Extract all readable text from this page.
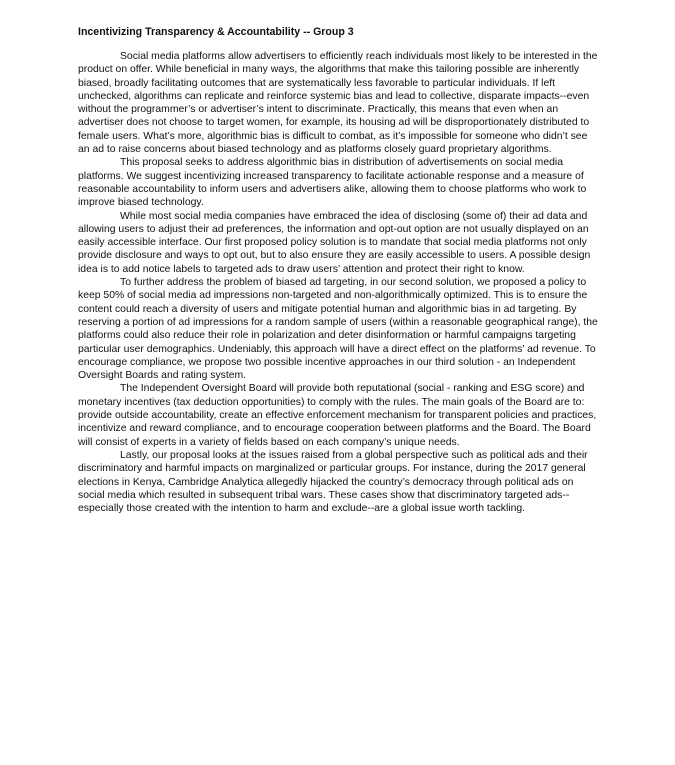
Incentivizing Transparency & Accountability -- Group 3

Social media platforms allow advertisers to efficiently reach individuals most likely to be interested in the product on offer. While beneficial in many ways, the algorithms that make this tailoring possible are inherently biased, broadly facilitating outcomes that are systematically less favorable to particular individuals. If left unchecked, algorithms can replicate and reinforce systemic bias and lead to collective, disparate impacts--even without the programmer’s or advertiser’s intent to discriminate. Practically, this means that even when an advertiser does not choose to target women, for example, its housing ad will be disproportionately distributed to female users. What’s more, algorithmic bias is difficult to combat, as it’s impossible for someone who didn’t see an ad to raise concerns about biased technology and as platforms closely guard proprietary algorithms.

This proposal seeks to address algorithmic bias in distribution of advertisements on social media platforms. We suggest incentivizing increased transparency to facilitate actionable response and a measure of reasonable accountability to inform users and advertisers alike, allowing them to choose platforms who work to improve biased technology.

While most social media companies have embraced the idea of disclosing (some of) their ad data and allowing users to adjust their ad preferences, the information and opt-out option are not usually displayed on an easily accessible interface. Our first proposed policy solution is to mandate that social media platforms not only provide disclosure and ways to opt out, but to also ensure they are easily accessible to users. A possible design idea is to add notice labels to targeted ads to draw users’ attention and protect their right to know.

To further address the problem of biased ad targeting, in our second solution, we proposed a policy to keep 50% of social media ad impressions non-targeted and non-algorithmically optimized. This is to ensure the content could reach a diversity of users and mitigate potential human and algorithmic bias in ad targeting. By reserving a portion of ad impressions for a random sample of users (within a reasonable geographical range), the platforms could also reduce their role in polarization and deter disinformation or harmful campaigns targeting particular user demographics. Undeniably, this approach will have a direct effect on the platforms’ ad revenue. To encourage compliance, we propose two possible incentive approaches in our third solution - an Independent Oversight Boards and rating system.

The Independent Oversight Board will provide both reputational (social - ranking and ESG score) and monetary incentives (tax deduction opportunities) to comply with the rules. The main goals of the Board are to: provide outside accountability, create an effective enforcement mechanism for transparent policies and practices, incentivize and reward compliance, and to encourage cooperation between platforms and the Board. The Board will consist of experts in a variety of fields based on each company’s unique needs.

Lastly, our proposal looks at the issues raised from a global perspective such as political ads and their discriminatory and harmful impacts on marginalized or particular groups. For instance, during the 2017 general elections in Kenya, Cambridge Analytica allegedly hijacked the country’s democracy through political ads on social media which resulted in subsequent tribal wars. These cases show that discriminatory targeted ads--especially those created with the intention to harm and exclude--are a global issue worth tackling.
